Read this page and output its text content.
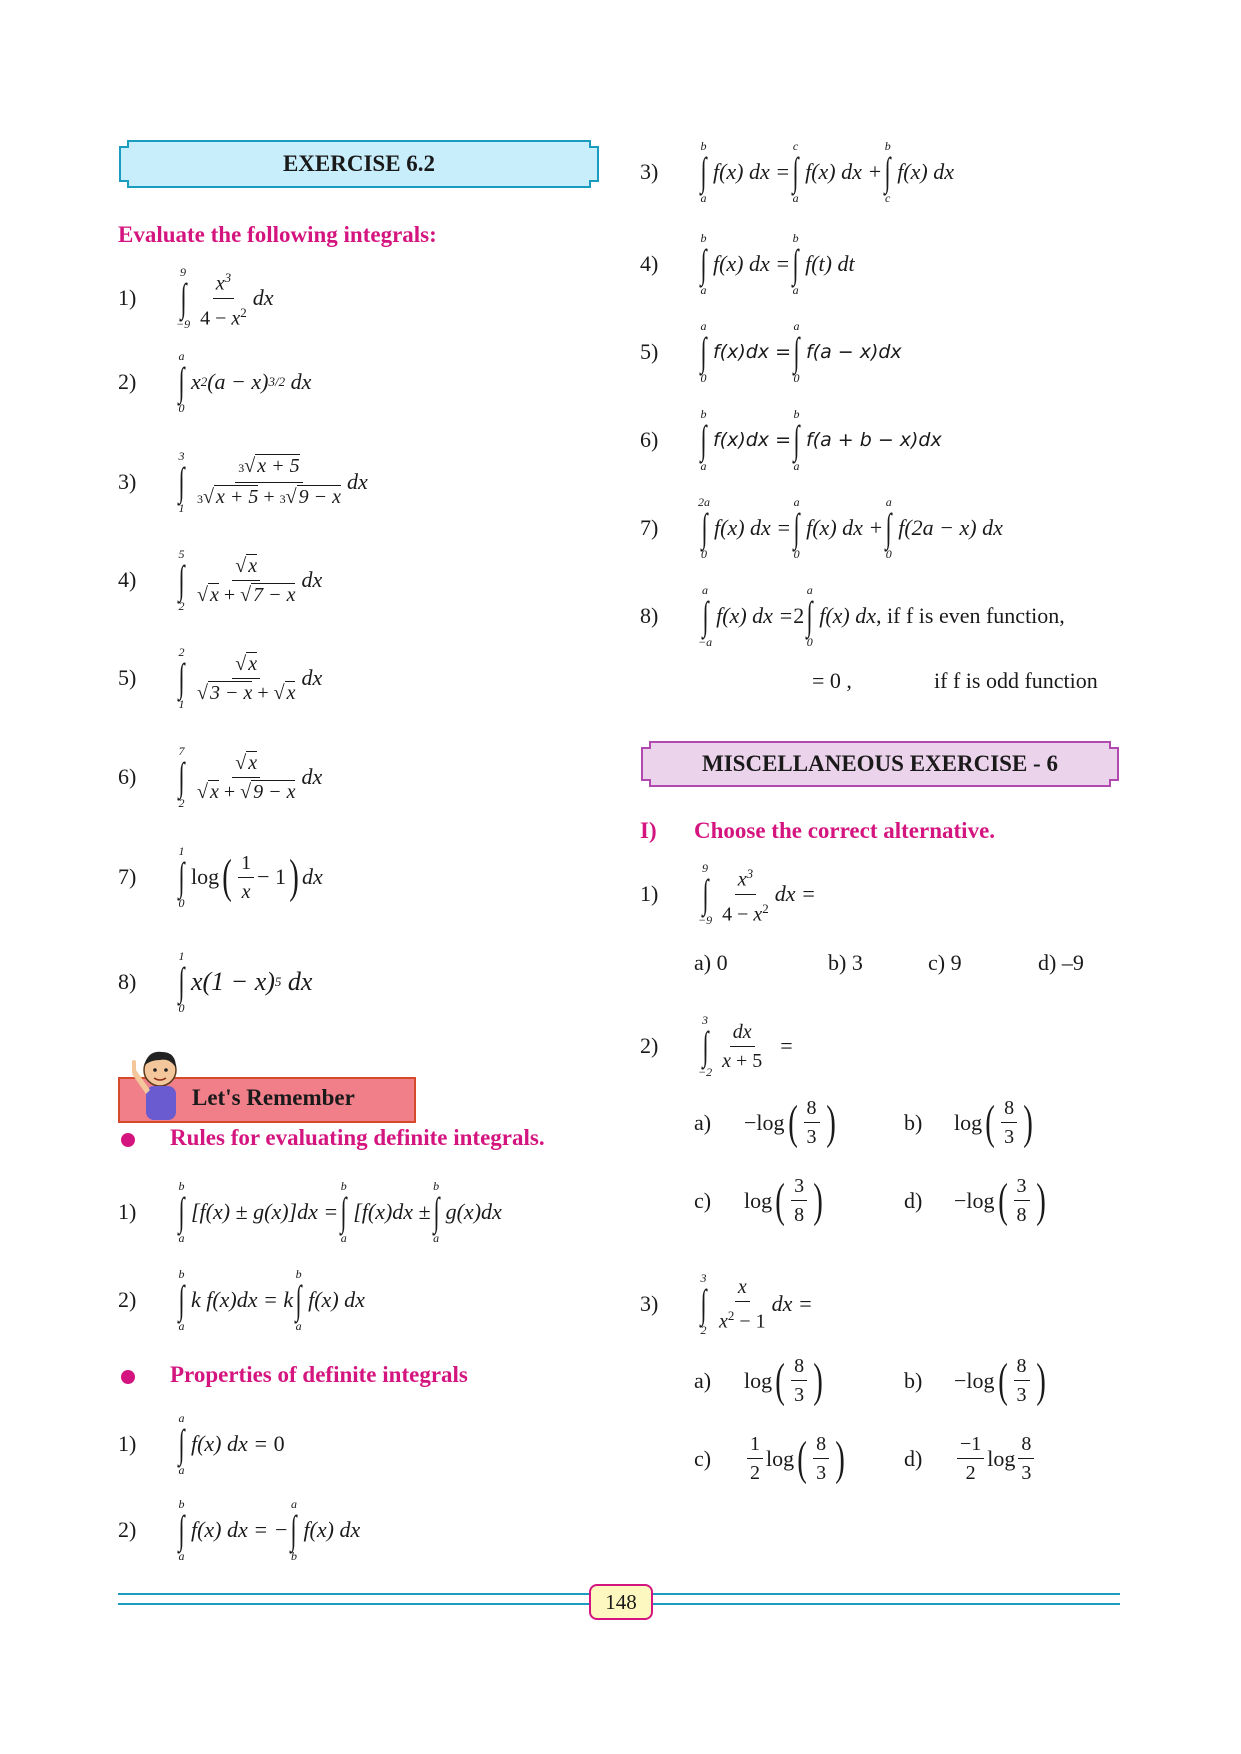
EXERCISE 6.2
Evaluate the following integrals:
1)
9
∫
$-9 \frac{x^3}{4 - x^2}$ dx
2)
a
∫
0
x 2 (a − x) 3/2 dx
3)
3
∫
$1 \frac{3√ x + 5}{3√ x + 5 + 3√ 9 - x}$ dx
4)
5
∫
$2 \frac{√ x}{√ x + √ 7 - x}$ dx
5)
2
∫
$1 \frac{√ x}{√ 3 - x + √ x}$ dx
6)
7
∫
$2 \frac{√ x}{√ x + √ 9 - x}$ dx
7)
1
∫
0
log ( $\frac{1}{x} - 1$ ) dx
8)
1
∫
0
x(1 − x) 5 dx
Let's Remember
Rules for evaluating definite integrals.
1)
b
∫
a
[f(x) ± g(x)]dx =
b
∫
a
[f(x)dx ±
b
∫
a
g(x)dx
2)
b
∫
a
k f(x)dx = k
b
∫
a
f(x) dx
Properties of definite integrals
1)
a
∫
a
f(x) dx = 0
2)
b
∫
a
f(x) dx = −
a
∫
b
f(x) dx
3)
b
∫
a
f(x) dx =
c
∫
a
f(x) dx +
b
∫
c
f(x) dx
4)
b
∫
a
f(x) dx =
b
∫
a
f(t) dt
5)
a
∫
0
f(x)dx =
a
∫
0
f(a − x)dx
6)
b
∫
a
f(x)dx =
b
∫
a
f(a + b − x)dx
7)
2a
∫
0
f(x) dx =
a
∫
0
f(x) dx +
a
∫
0
f(2a − x) dx
8)
a
∫
−a
f(x) dx = 2
a
∫
0
f(x) dx , if f is even function,
= 0 ,	if f is odd function
MISCELLANEOUS EXERCISE - 6
I) Choose the correct alternative.
1)
9
∫
$-9 \frac{x^3}{4 - x^2}$ dx =
a) 0	b) 3	c) 9	d) –9
2)
3
∫
$-2 \frac{dx}{x + 5}$ =
a)	−log ( $\frac{8}{3}$ )	b)	log ( $\frac{8}{3}$ )
c)	log ( $\frac{3}{8}$ )	d)	−log ( $\frac{3}{8}$ )
3)
3
∫
$2 \frac{x}{x^2 - 1}$ dx =
a)	log ( $\frac{8}{3}$ )	b)	−log ( $\frac{8}{3}$ )
c)	$\frac{1}{2}$ log ( $\frac{8}{3}$ )	d)	$\frac{-1}{2}$ $\log \frac{8}{3}$
148
